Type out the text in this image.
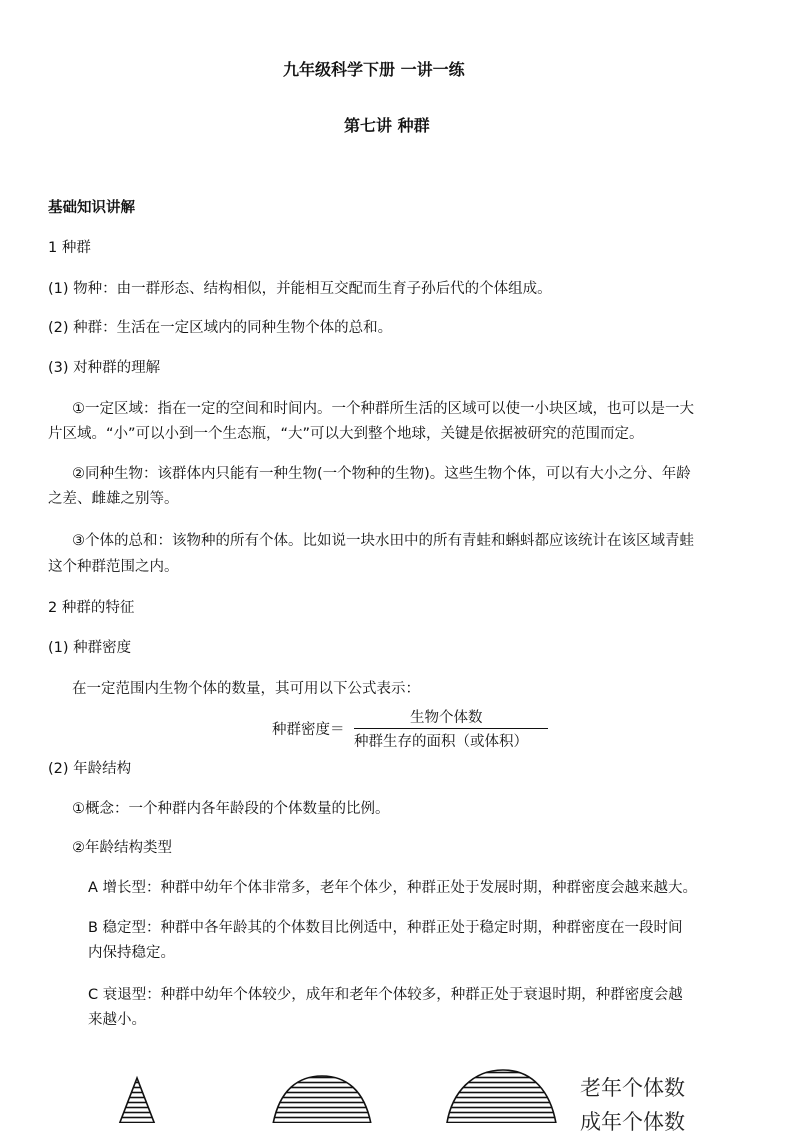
九年级科学下册 一讲一练
第七讲 种群
基础知识讲解
1 种群
(1) 物种：由一群形态、结构相似，并能相互交配而生育子孙后代的个体组成。
(2) 种群：生活在一定区域内的同种生物个体的总和。
(3) 对种群的理解
①一定区域：指在一定的空间和时间内。一个种群所生活的区域可以使一小块区域，也可以是一大
片区域。“小”可以小到一个生态瓶，“大”可以大到整个地球，关键是依据被研究的范围而定。
②同种生物：该群体内只能有一种生物(一个物种的生物)。这些生物个体，可以有大小之分、年龄
之差、雌雄之别等。
③个体的总和：该物种的所有个体。比如说一块水田中的所有青蛙和蝌蚪都应该统计在该区域青蛙
这个种群范围之内。
2 种群的特征
(1) 种群密度
在一定范围内生物个体的数量，其可用以下公式表示：
种群密度＝
生物个体数
种群生存的面积（或体积）
(2) 年龄结构
①概念：一个种群内各年龄段的个体数量的比例。
②年龄结构类型
A 增长型：种群中幼年个体非常多，老年个体少，种群正处于发展时期，种群密度会越来越大。
B 稳定型：种群中各年龄其的个体数目比例适中，种群正处于稳定时期，种群密度在一段时间
内保持稳定。
C 衰退型：种群中幼年个体较少，成年和老年个体较多，种群正处于衰退时期，种群密度会越
来越小。
老年个体数
成年个体数
